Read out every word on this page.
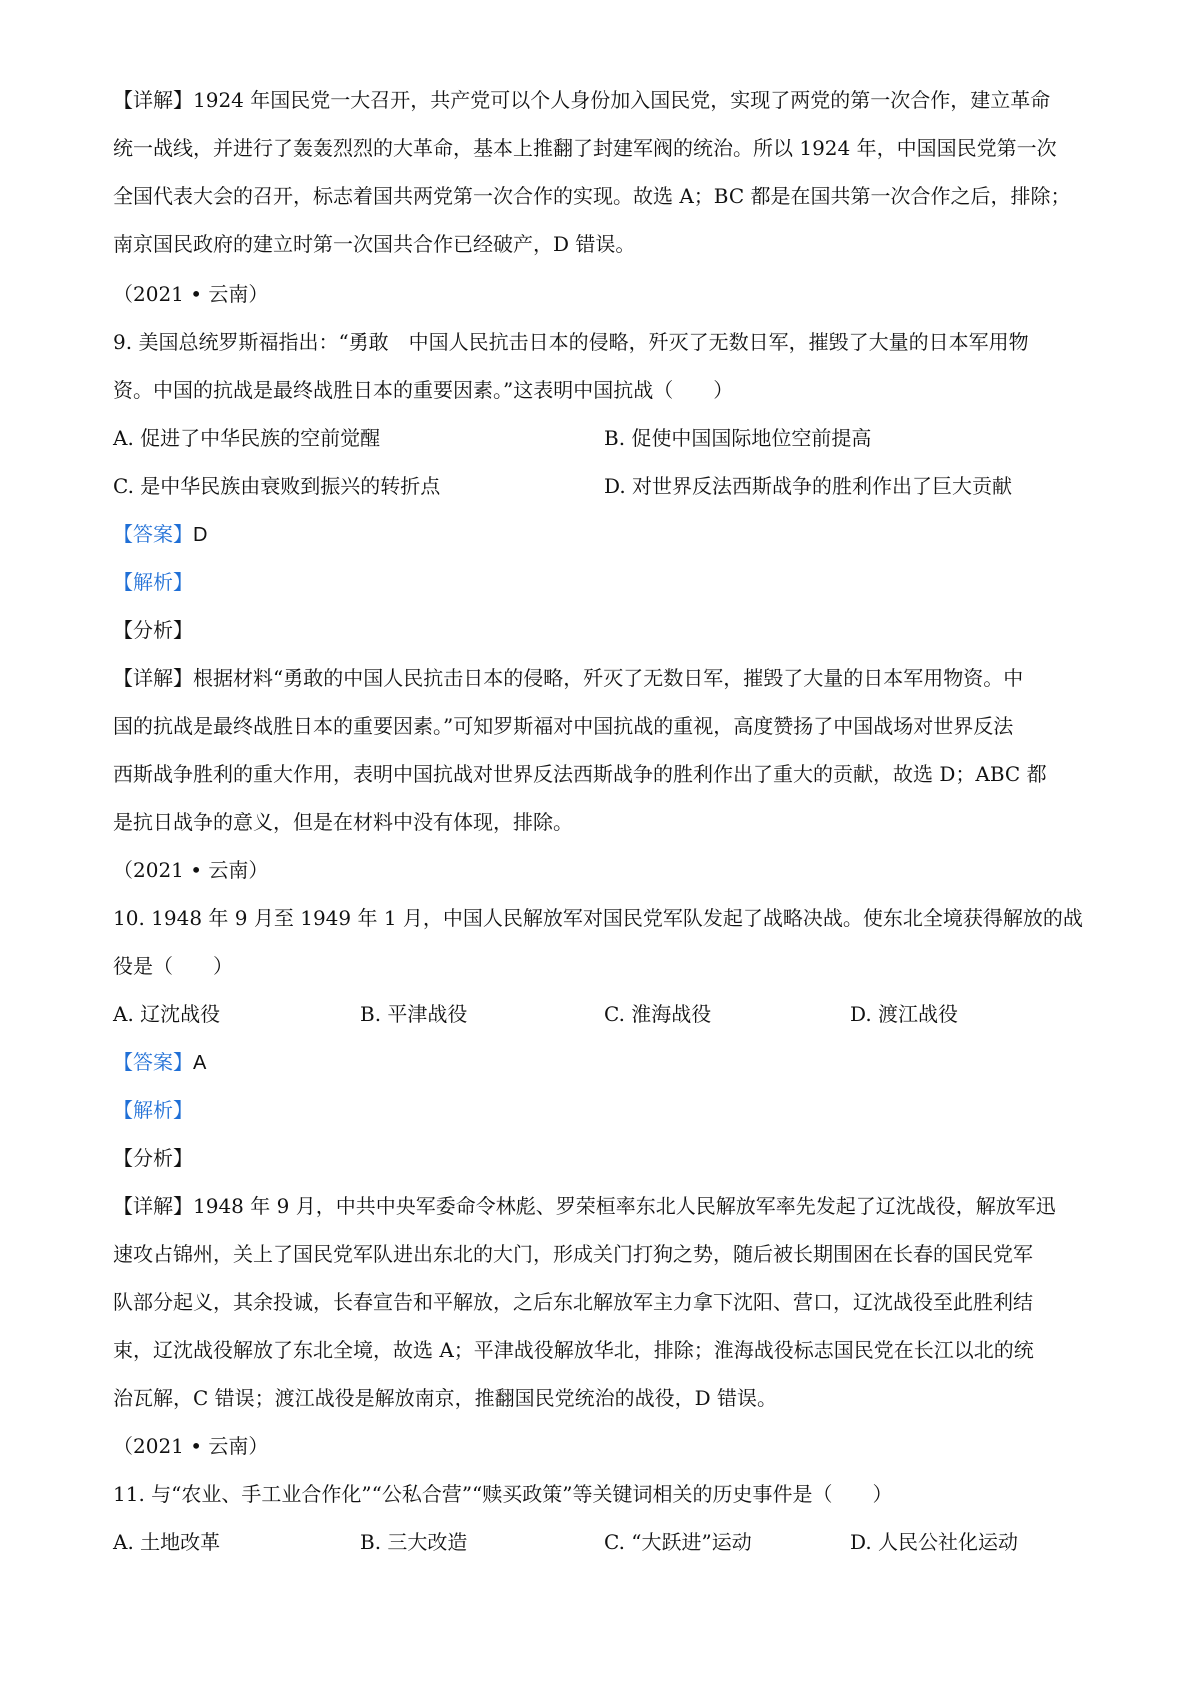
【详解】1924 年国民党一大召开，共产党可以个人身份加入国民党，实现了两党的第一次合作，建立革命
统一战线，并进行了轰轰烈烈的大革命，基本上推翻了封建军阀的统治。所以 1924 年，中国国民党第一次
全国代表大会的召开，标志着国共两党第一次合作的实现。故选 A；BC 都是在国共第一次合作之后，排除；
南京国民政府的建立时第一次国共合作已经破产，D 错误。
（2021 • 云南）
9. 美国总统罗斯福指出：“勇敢　中国人民抗击日本的侵略，歼灭了无数日军，摧毁了大量的日本军用物
资。中国的抗战是最终战胜日本的重要因素。”这表明中国抗战（　　）
A. 促进了中华民族的空前觉醒	B. 促使中国国际地位空前提高
C. 是中华民族由衰败到振兴的转折点	D. 对世界反法西斯战争的胜利作出了巨大贡献
【答案】D
【解析】
【分析】
【详解】根据材料“勇敢的中国人民抗击日本的侵略，歼灭了无数日军，摧毁了大量的日本军用物资。中
国的抗战是最终战胜日本的重要因素。”可知罗斯福对中国抗战的重视，高度赞扬了中国战场对世界反法
西斯战争胜利的重大作用，表明中国抗战对世界反法西斯战争的胜利作出了重大的贡献，故选 D；ABC 都
是抗日战争的意义，但是在材料中没有体现，排除。
（2021 • 云南）
10. 1948 年 9 月至 1949 年 1 月，中国人民解放军对国民党军队发起了战略决战。使东北全境获得解放的战
役是（　　）
A. 辽沈战役	B. 平津战役	C. 淮海战役	D. 渡江战役
【答案】A
【解析】
【分析】
【详解】1948 年 9 月，中共中央军委命令林彪、罗荣桓率东北人民解放军率先发起了辽沈战役，解放军迅
速攻占锦州，关上了国民党军队进出东北的大门，形成关门打狗之势，随后被长期围困在长春的国民党军
队部分起义，其余投诚，长春宣告和平解放，之后东北解放军主力拿下沈阳、营口，辽沈战役至此胜利结
束，辽沈战役解放了东北全境，故选 A；平津战役解放华北，排除；淮海战役标志国民党在长江以北的统
治瓦解，C 错误；渡江战役是解放南京，推翻国民党统治的战役，D 错误。
（2021 • 云南）
11. 与“农业、手工业合作化”“公私合营”“赎买政策”等关键词相关的历史事件是（　　）
A. 土地改革	B. 三大改造	C. “大跃进”运动	D. 人民公社化运动
